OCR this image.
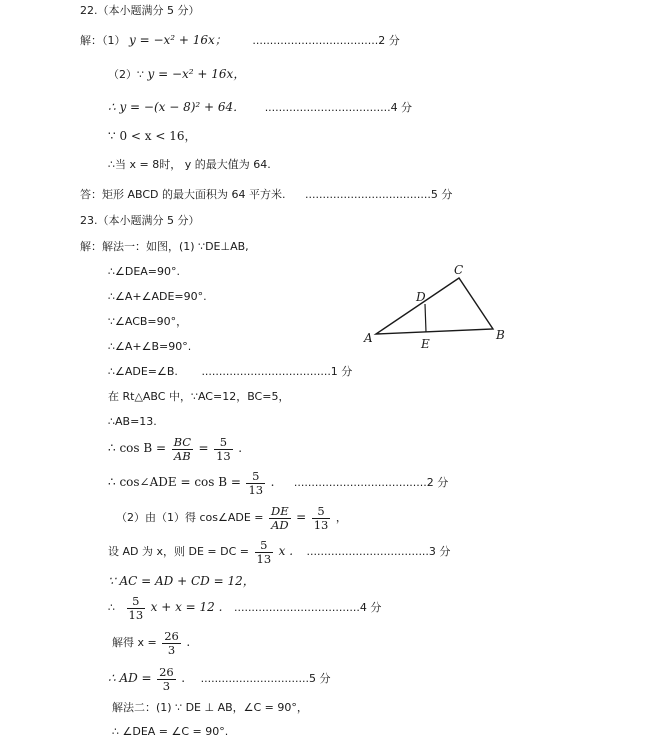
22.（本小题满分 5 分）
解：（1） y = −x² + 16x； ....................................2 分
（2）∵ y = −x² + 16x，
∴ y = −(x − 8)² + 64． ....................................4 分
∵ 0 < x < 16，
∴当 x = 8时， y 的最大值为 64.
答：矩形 ABCD 的最大面积为 64 平方米. ....................................5 分
23.（本小题满分 5 分）
解：解法一：如图，(1) ∵DE⊥AB,
∴∠DEA=90°.
∴∠A+∠ADE=90°.
∵∠ACB=90°，
∴∠A+∠B=90°.
∴∠ADE=∠B. .....................................1 分
在 Rt△ABC 中，∵AC=12，BC=5，
∴AB=13.
∴ $\cos B = \frac{BC}{AB} = \frac{5}{13}$ .
∴ cos∠ADE = $\cos B = \frac{5}{13}$ . ......................................2 分
（2）由（1）得 cos∠ADE = $\frac{DE}{AD} = \frac{5}{13}$ ，
设 AD 为 x，则 DE = DC = $\frac{5}{13}$ x . ...................................3 分
∵ AC = AD + CD = 12，
∴ $\frac{5}{13}$ x + x = 12 . ....................................4 分
解得 $x = \frac{26}{3}$ .
∴ AD = $\frac{26}{3}$ . ...............................5 分
解法二：(1) ∵ DE ⊥ AB，∠C = 90°，
∴ ∠DEA = ∠C = 90°.
A	B
C
D
E
